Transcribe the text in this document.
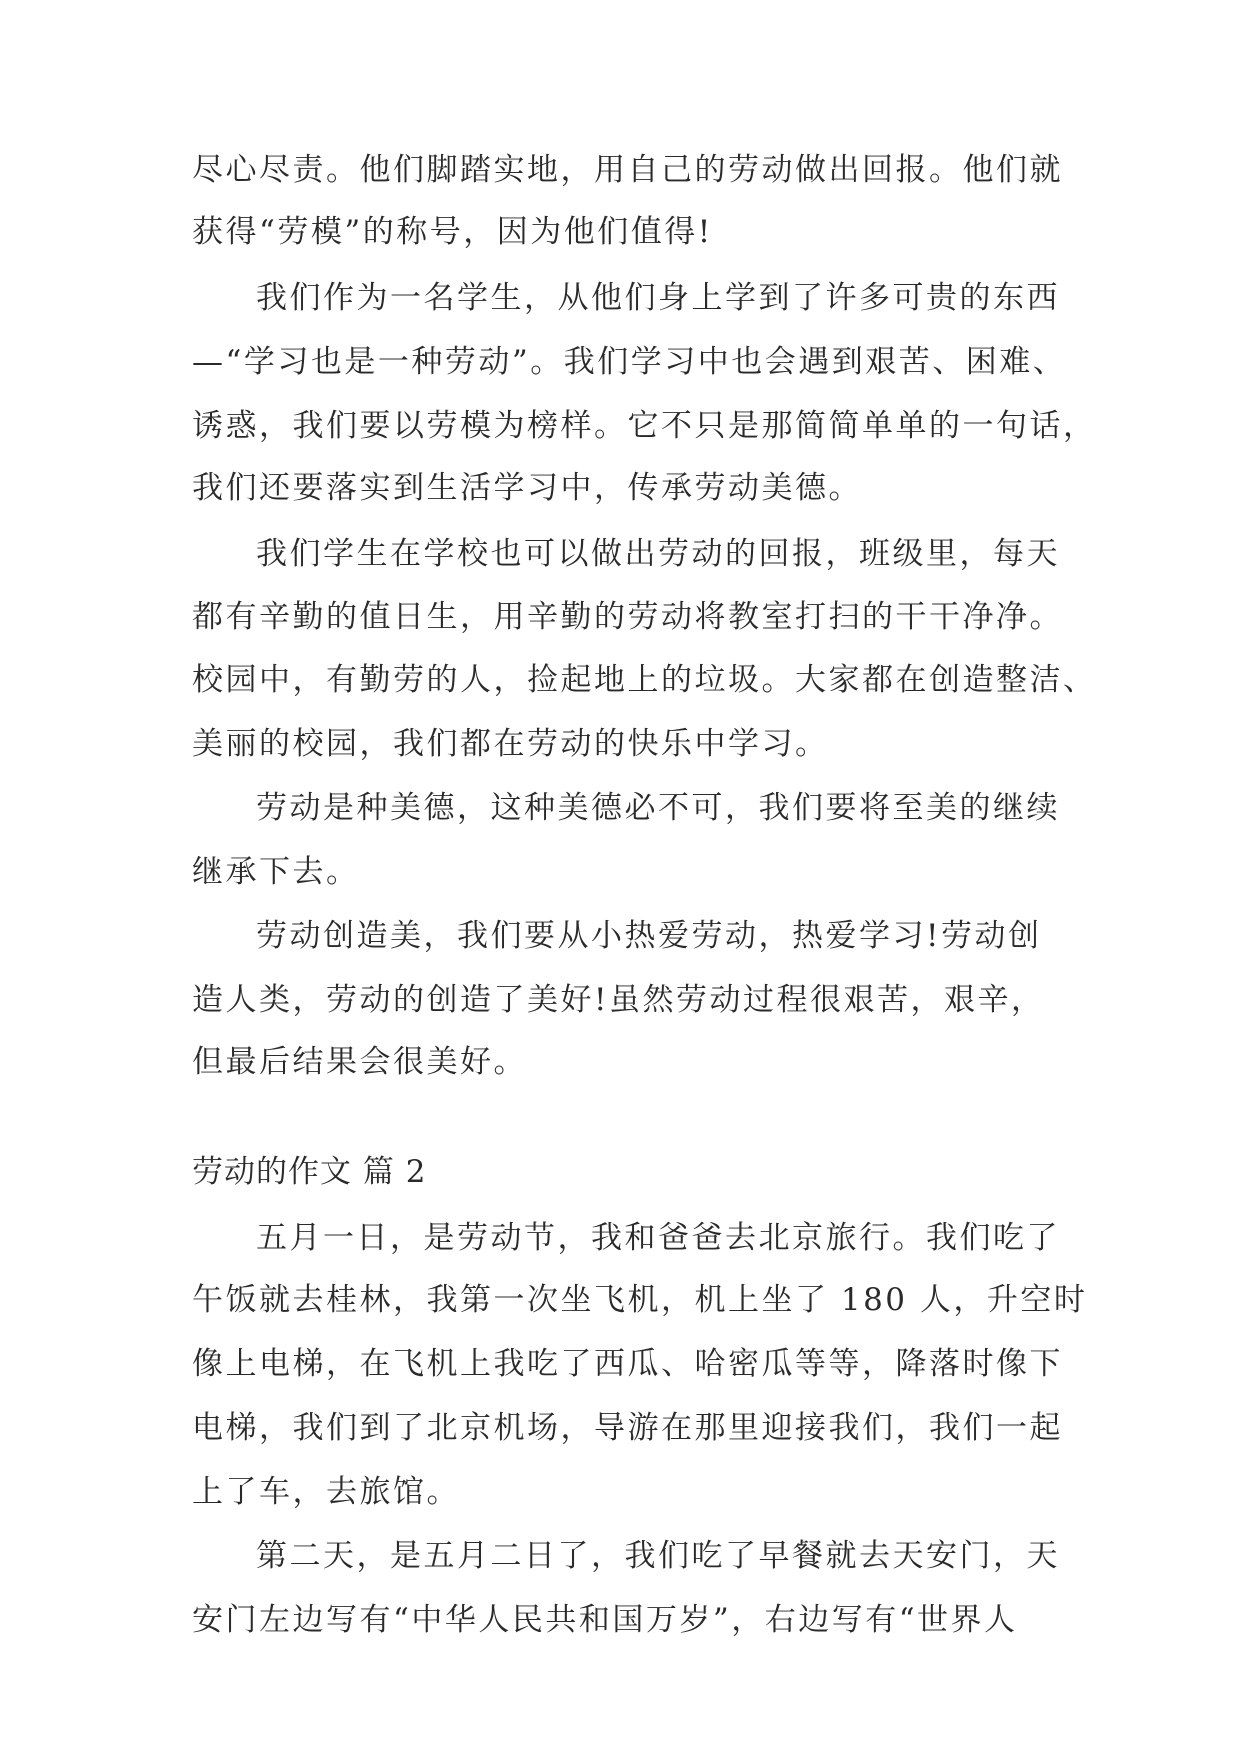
尽心尽责。他们脚踏实地，用自己的劳动做出回报。他们就
获得“劳模”的称号，因为他们值得!
我们作为一名学生，从他们身上学到了许多可贵的东西
—“学习也是一种劳动”。我们学习中也会遇到艰苦、困难、
诱惑，我们要以劳模为榜样。它不只是那简简单单的一句话，
我们还要落实到生活学习中，传承劳动美德。
我们学生在学校也可以做出劳动的回报，班级里，每天
都有辛勤的值日生，用辛勤的劳动将教室打扫的干干净净。
校园中，有勤劳的人，捡起地上的垃圾。大家都在创造整洁、
美丽的校园，我们都在劳动的快乐中学习。
劳动是种美德，这种美德必不可，我们要将至美的继续
继承下去。
劳动创造美，我们要从小热爱劳动，热爱学习!劳动创
造人类，劳动的创造了美好!虽然劳动过程很艰苦，艰辛，
但最后结果会很美好。
劳动的作文 篇 2
五月一日，是劳动节，我和爸爸去北京旅行。我们吃了
午饭就去桂林，我第一次坐飞机，机上坐了 180 人，升空时
像上电梯，在飞机上我吃了西瓜、哈密瓜等等，降落时像下
电梯，我们到了北京机场，导游在那里迎接我们，我们一起
上了车，去旅馆。
第二天，是五月二日了，我们吃了早餐就去天安门，天
安门左边写有“中华人民共和国万岁”，右边写有“世界人
